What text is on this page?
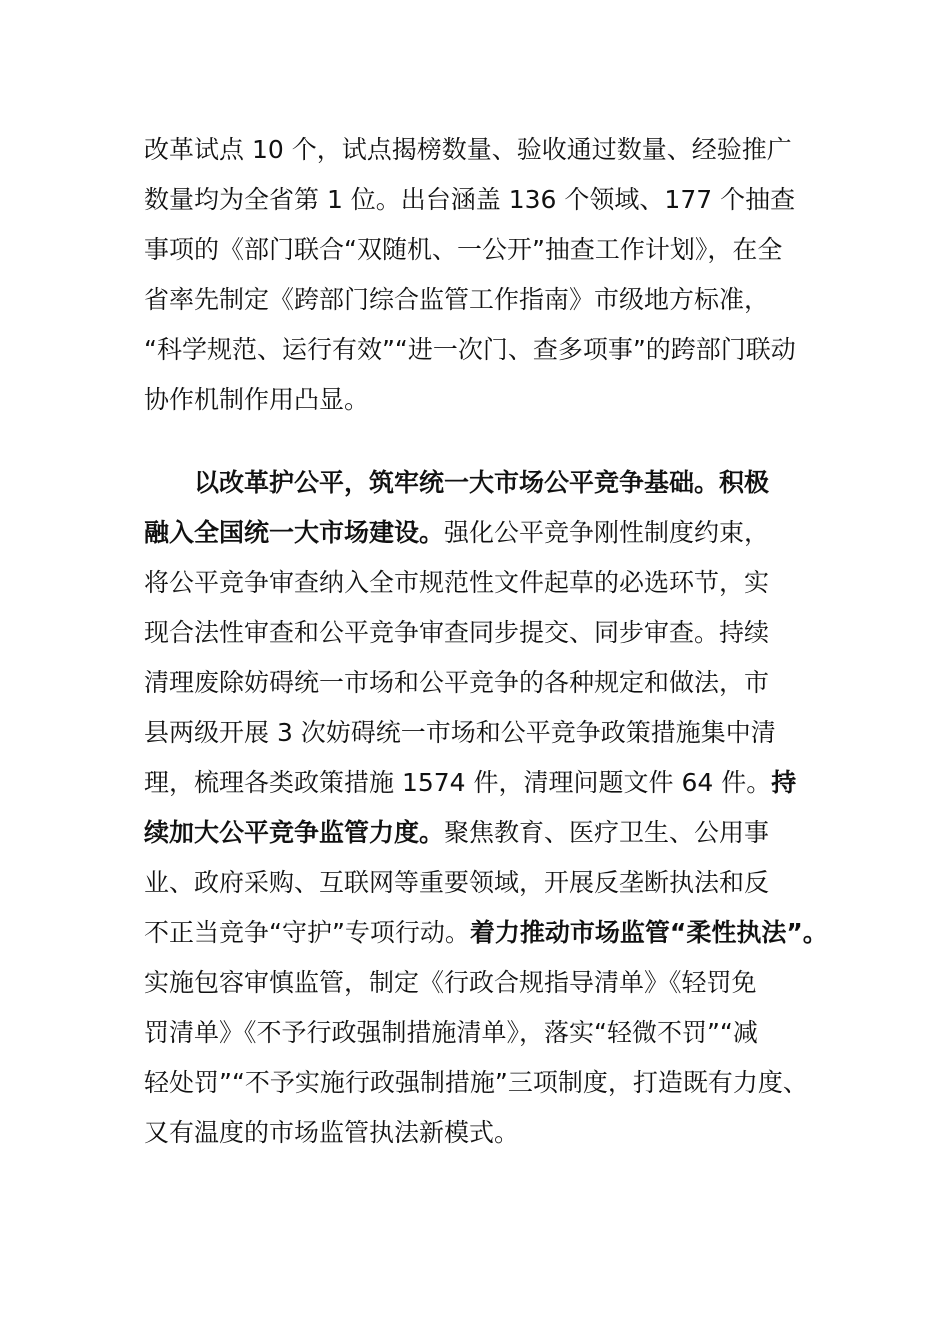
改革试点 10 个，试点揭榜数量、验收通过数量、经验推广
数量均为全省第 1 位。出台涵盖 136 个领域、177 个抽查
事项的《部门联合“双随机、一公开”抽查工作计划》，在全
省率先制定《跨部门综合监管工作指南》市级地方标准，
“科学规范、运行有效”“进一次门、查多项事”的跨部门联动
协作机制作用凸显。
以改革护公平，筑牢统一大市场公平竞争基础。积极
融入全国统一大市场建设。强化公平竞争刚性制度约束，
将公平竞争审查纳入全市规范性文件起草的必选环节，实
现合法性审查和公平竞争审查同步提交、同步审查。持续
清理废除妨碍统一市场和公平竞争的各种规定和做法，市
县两级开展 3 次妨碍统一市场和公平竞争政策措施集中清
理，梳理各类政策措施 1574 件，清理问题文件 64 件。持
续加大公平竞争监管力度。聚焦教育、医疗卫生、公用事
业、政府采购、互联网等重要领域，开展反垄断执法和反
不正当竞争“守护”专项行动。着力推动市场监管“柔性执法”。
实施包容审慎监管，制定《行政合规指导清单》《轻罚免
罚清单》《不予行政强制措施清单》，落实“轻微不罚”“减
轻处罚”“不予实施行政强制措施”三项制度，打造既有力度、
又有温度的市场监管执法新模式。
